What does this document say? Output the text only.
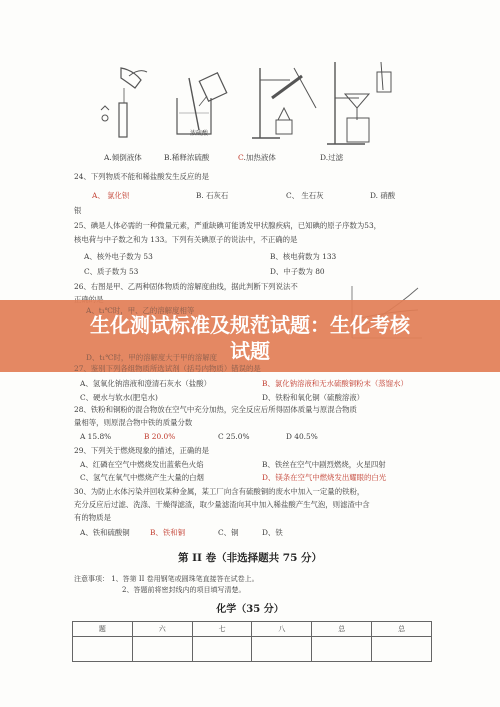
A.倾倒液体	B.稀释浓硫酸	C.加热液体	D.过滤
浓硫酸
24、下列物质不能和稀盐酸发生反应的是
A、 氯化钡	B. 石灰石	C、 生石灰	D. 硝酸
银
25、碘是人体必需的一种微量元素，严重缺碘可能诱发甲状腺疾病，已知碘的原子序数为53，
核电荷与中子数之和为 133。下列有关碘原子的说法中，不正确的是
A、核外电子数为 53	B、核电荷数为 133
C、质子数为 53	D、中子数为 80
26、右图是甲、乙两种固体物质的溶解度曲线，据此判断下列说法不
A、t₁℃时，甲、乙的溶解度相等
D、t₁℃时，甲的溶解度大于甲的溶解度
生化测试标准及规范试题：生化考核
试题
27、鉴别下列各组物质所选试剂（括号内物质）错误的是
A、氢氧化钠溶液和澄清石灰水（盐酸）	B、氯化钠溶液和无水硫酸铜粉末（蒸馏水）
C、硬水与软水(肥皂水)	D、铁粉和氧化铜（硫酸溶液）
28、铁粉和铜粉的混合物放在空气中充分加热，完全反应后所得固体质量与原混合物质
量相等，则原混合物中铁的质量分数
A 15.8%	B 20.0%	C 25.0%	D 40.5%
29、下列关于燃烧现象的描述，正确的是
A、红磷在空气中燃烧发出蓝紫色火焰	B、铁丝在空气中剧烈燃烧，火星四射
C、氢气在氧气中燃烧产生大量的白烟	D、镁条在空气中燃烧发出耀眼的白光
30、为防止水体污染并回收某种金属，某工厂向含有硫酸铜的废水中加入一定量的铁粉，
充分反应后过滤、洗涤、干燥得滤渣，取少量滤渣向其中加入稀盐酸产生气泡，则滤渣中含
有的物质是
A、铁和硫酸铜	B、铁和铜	C、铜	D、铁
第 II 卷（非选择题共 75 分）
注意事项： 1、答第 II 卷用钢笔或圆珠笔直接答在试卷上。
2、答题前将密封线内的项目填写清楚。
化学（35 分）
题	六	七	八	总	总
